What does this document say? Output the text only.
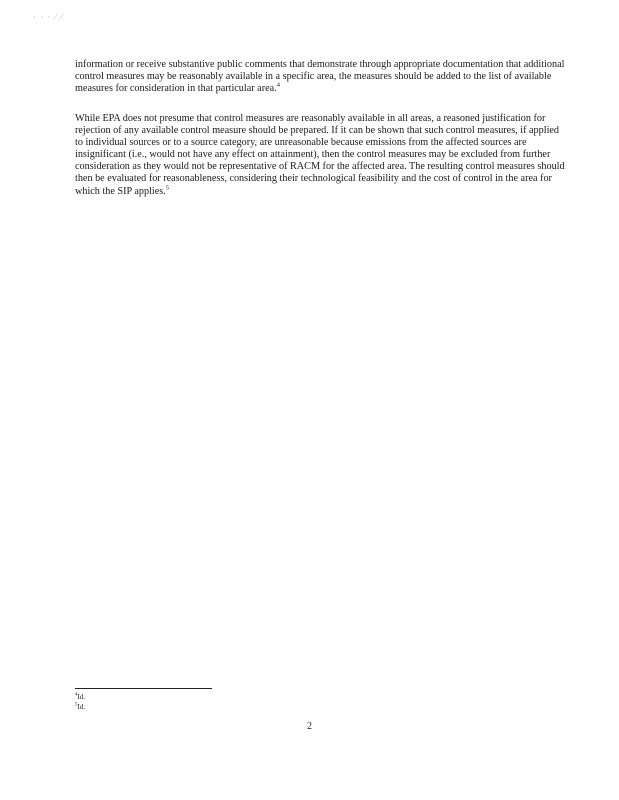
· · · ⁄ ⁄

information or receive substantive public comments that demonstrate through appropriate documentation that additional control measures may be reasonably available in a specific area, the measures should be added to the list of available measures for consideration in that particular area.$^4$

While EPA does not presume that control measures are reasonably available in all areas, a reasoned justification for rejection of any available control measure should be prepared. If it can be shown that such control measures, if applied to individual sources or to a source category, are unreasonable because emissions from the affected sources are insignificant (i.e., would not have any effect on attainment), then the control measures may be excluded from further consideration as they would not be representative of RACM for the affected area. The resulting control measures should then be evaluated for reasonableness, considering their technological feasibility and the cost of control in the area for which the SIP applies.$^5$

$^4$Id.
$^5$Id.
2
